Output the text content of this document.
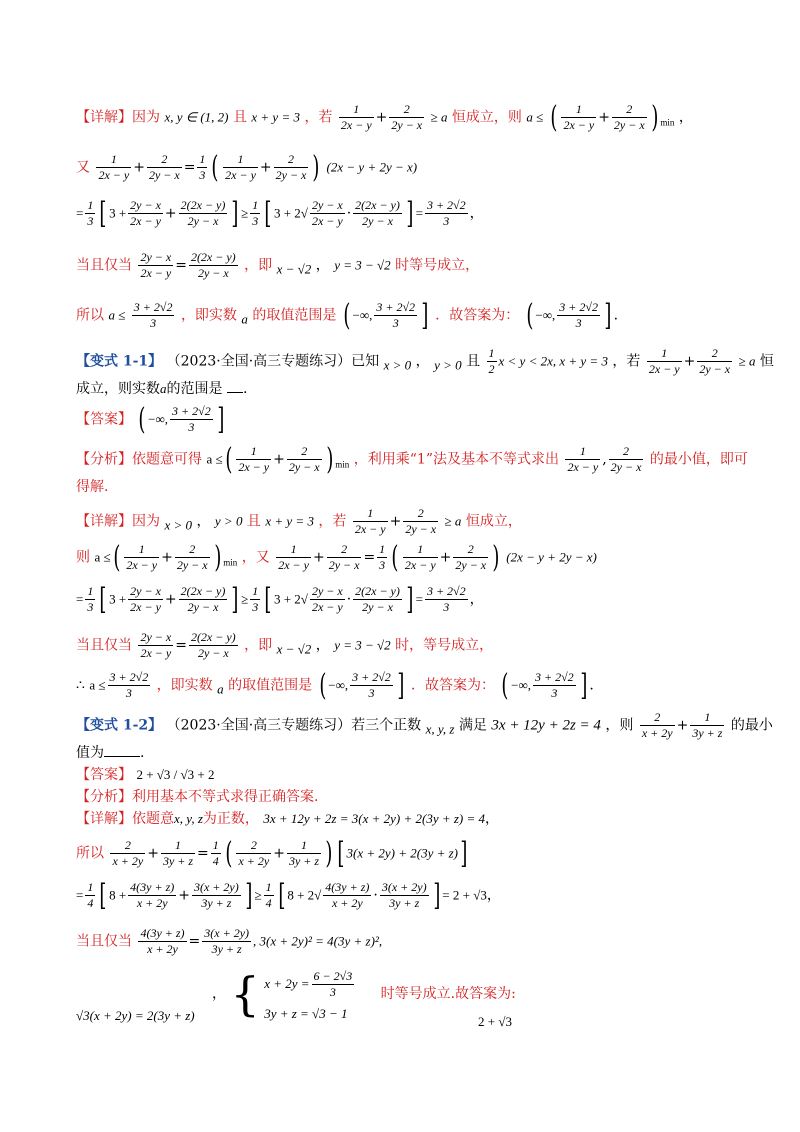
【详解】因为 x, y ∈ (1, 2) 且 x + y = 3 ，若 $\frac{1}{2x - y} + \frac{2}{2y - x} \ge a$ 恒成立，则 a ≤ ( $\frac{1}{2x - y} + \frac{2}{2y - x}$ ) $_{min}$ ，
又 $\frac{1}{2x - y} + \frac{2}{2y - x} = \frac{1}{3}$ ( $\frac{1}{2x - y} + \frac{2}{2y - x}$ ) (2x − y + 2y − x)
= $\frac{1}{3}$ [ $3 + \frac{2y - x}{2x - y} + \frac{2(2x - y)}{2y - x}$ ] ≥ $\frac{1}{3}$ [ $3 + 2√ \frac{2y - x}{2x - y} \cdot \frac{2(2x - y)}{2y - x}$ ] = $\frac{3 + 2√2}{3}$ ，
当且仅当 $\frac{2y - x}{2x - y} = \frac{2(2x - y)}{2y - x}$ ，即 $_{x - √2}$ ， y = 3 − √2 时等号成立，
所以 $a \le \frac{3 + 2√2}{3}$ ，即实数 $_a$ 的取值范围是 ( −∞, $\frac{3 + 2√2}{3}$ ] ．故答案为： ( −∞, $\frac{3 + 2√2}{3}$ ] .
【变式 1-1】 （2023·全国·高三专题练习）已知 $_{x > 0}$ ， $_{y > 0}$ 且 $\frac{1}{2}$ x < y < 2x, x + y = 3 ，若 $\frac{1}{2x - y} + \frac{2}{2y - x} \ge a$ 恒
成立，则实数a的范围是 .
【答案】 ( −∞, $\frac{3 + 2√2}{3}$ ]
【分析】依题意可得 a ≤( $\frac{1}{2x - y} + \frac{2}{2y - x}$ ) $_{min}$ ，利用乘“1”法及基本不等式求出 $\frac{1}{2x - y}$ , $\frac{2}{2y - x}$ 的最小值，即可
得解.
【详解】因为 $_{x > 0}$ ， y > 0 且 x + y = 3 ，若 $\frac{1}{2x - y} + \frac{2}{2y - x} \ge a$ 恒成立，
则 a ≤( $\frac{1}{2x - y} + \frac{2}{2y - x}$ ) $_{min}$ ，又 $\frac{1}{2x - y} + \frac{2}{2y - x} = \frac{1}{3}$ ( $\frac{1}{2x - y} + \frac{2}{2y - x}$ ) (2x − y + 2y − x)
= $\frac{1}{3}$ [ $3 + \frac{2y - x}{2x - y} + \frac{2(2x - y)}{2y - x}$ ] ≥ $\frac{1}{3}$ [ $3 + 2√ \frac{2y - x}{2x - y} \cdot \frac{2(2x - y)}{2y - x}$ ] = $\frac{3 + 2√2}{3}$ ，
当且仅当 $\frac{2y - x}{2x - y} = \frac{2(2x - y)}{2y - x}$ ，即 $_{x - √2}$ ， y = 3 − √2 时，等号成立，
∴ $a \le \frac{3 + 2√2}{3}$ ，即实数 $_a$ 的取值范围是 ( −∞, $\frac{3 + 2√2}{3}$ ] ．故答案为： ( −∞, $\frac{3 + 2√2}{3}$ ] .
【变式 1-2】 （2023·全国·高三专题练习）若三个正数 $_{x, y, z}$ 满足 3x + 12y + 2z = 4 ，则 $\frac{2}{x + 2y} + \frac{1}{3y + z}$ 的最小
值为	.
【答案】 2 + √3 / √3 + 2
【分析】利用基本不等式求得正确答案.
【详解】依题意x, y, z为正数， 3x + 12y + 2z = 3(x + 2y) + 2(3y + z) = 4，
所以 $\frac{2}{x + 2y} + \frac{1}{3y + z} = \frac{1}{4}$ ( $\frac{2}{x + 2y} + \frac{1}{3y + z}$ ) [ 3(x + 2y) + 2(3y + z)]
= $\frac{1}{4}$ [ $8 + \frac{4(3y + z)}{x + 2y} + \frac{3(x + 2y)}{3y + z}$ ] ≥ $\frac{1}{4}$ [ $8 + 2√ \frac{4(3y + z)}{x + 2y} \cdot \frac{3(x + 2y)}{3y + z}$ ] = 2 + √3，
当且仅当 $\frac{4(3y + z)}{x + 2y} = \frac{3(x + 2y)}{3y + z}$ , 3(x + 2y)² = 4(3y + z)²,
， { $x + 2y = \frac{6 - 2√3}{3}$
3y + z = √3 − 1
时等号成立.故答案为:
√3(x + 2y) = 2(3y + z)	2 + √3
